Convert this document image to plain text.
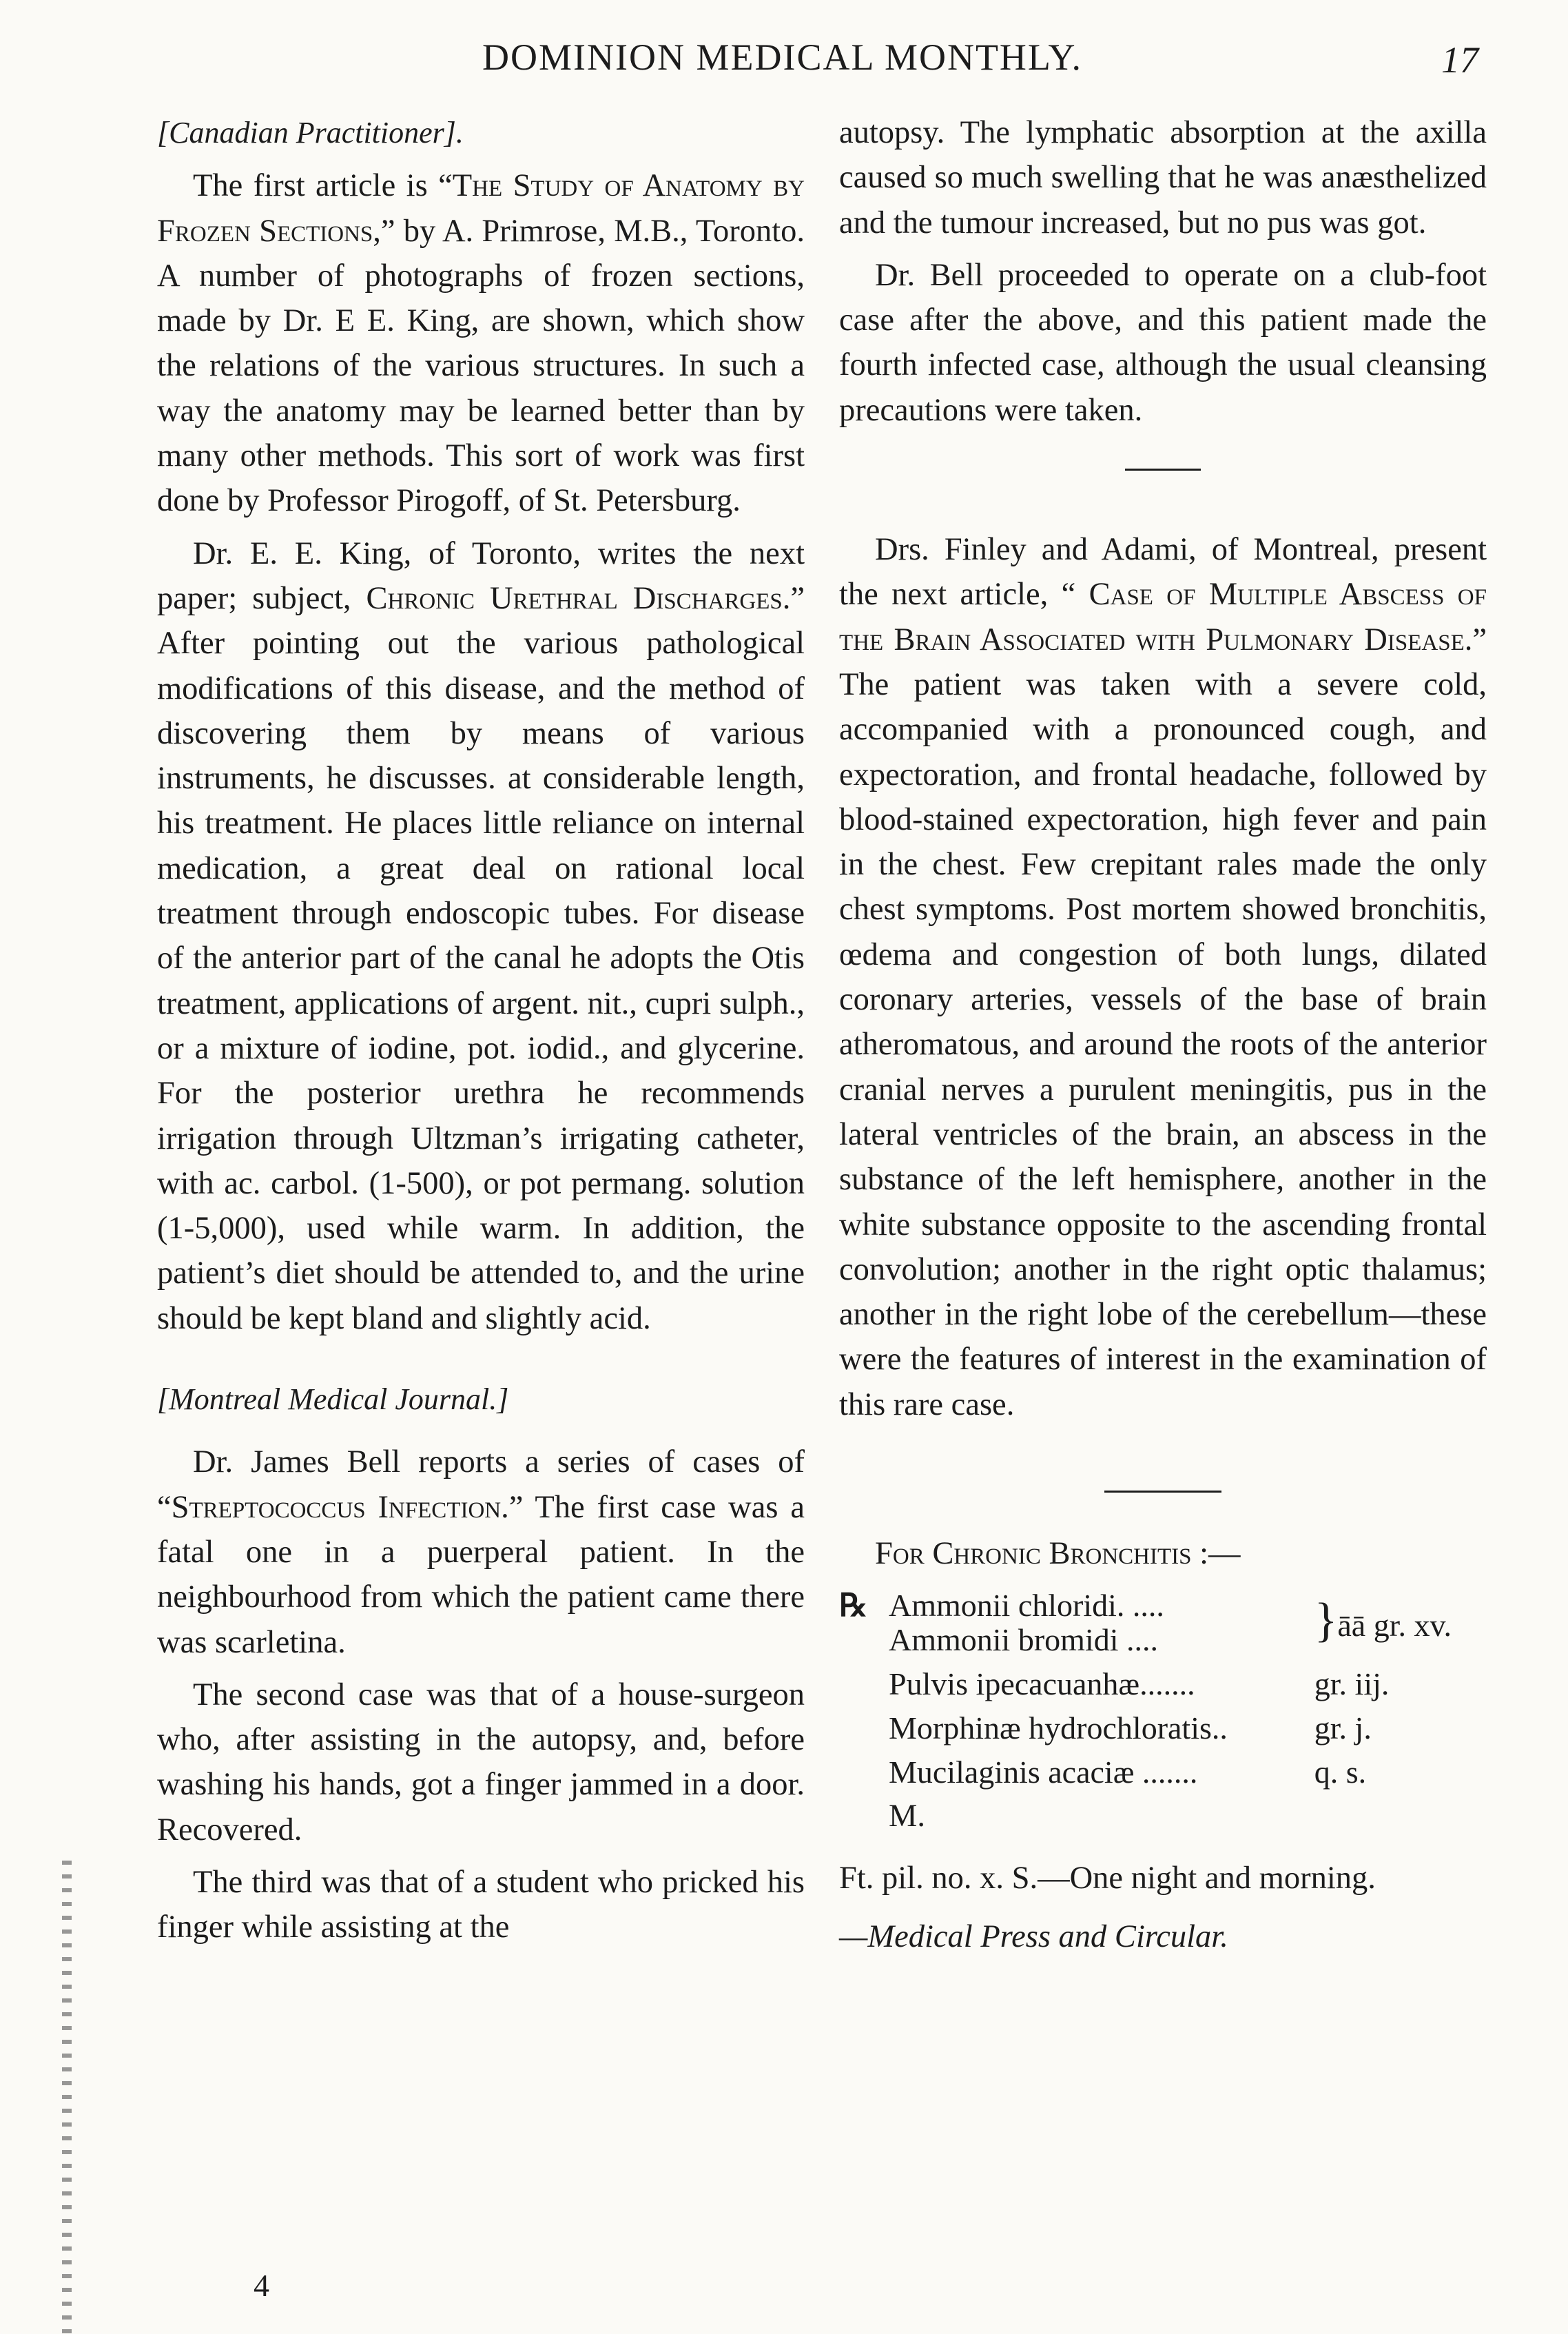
DOMINION MEDICAL MONTHLY.	17

[Canadian Practitioner].

The first article is “The Study of Anatomy by Frozen Sections,” by A. Primrose, M.B., Toronto. A number of photographs of frozen sections, made by Dr. E E. King, are shown, which show the relations of the various structures. In such a way the anatomy may be learned better than by many other methods. This sort of work was first done by Professor Pirogoff, of St. Petersburg.

Dr. E. E. King, of Toronto, writes the next paper; subject, Chronic Urethral Discharges.” After pointing out the various pathological modifications of this disease, and the method of discovering them by means of various instruments, he discusses. at considerable length, his treatment. He places little reliance on internal medication, a great deal on rational local treatment through endoscopic tubes. For disease of the anterior part of the canal he adopts the Otis treatment, applications of argent. nit., cupri sulph., or a mixture of iodine, pot. iodid., and glycerine. For the posterior urethra he recommends irrigation through Ultzman’s irrigating catheter, with ac. carbol. (1-500), or pot permang. solution (1-5,000), used while warm. In addition, the patient’s diet should be attended to, and the urine should be kept bland and slightly acid.

[Montreal Medical Journal.]

Dr. James Bell reports a series of cases of “Streptococcus Infection.” The first case was a fatal one in a puerperal patient. In the neighbourhood from which the patient came there was scarletina.

The second case was that of a house-surgeon who, after assisting in the autopsy, and, before washing his hands, got a finger jammed in a door. Recovered.

The third was that of a student who pricked his finger while assisting at the

4

autopsy. The lymphatic absorption at the axilla caused so much swelling that he was anæsthelized and the tumour increased, but no pus was got.

Dr. Bell proceeded to operate on a club-foot case after the above, and this patient made the fourth infected case, although the usual cleansing precautions were taken.

Drs. Finley and Adami, of Montreal, present the next article, “ Case of Multiple Abscess of the Brain Associated with Pulmonary Disease.” The patient was taken with a severe cold, accompanied with a pronounced cough, and expectoration, and frontal headache, followed by blood-stained expectoration, high fever and pain in the chest. Few crepitant rales made the only chest symptoms. Post mortem showed bronchitis, œdema and congestion of both lungs, dilated coronary arteries, vessels of the base of brain atheromatous, and around the roots of the anterior cranial nerves a purulent meningitis, pus in the lateral ventricles of the brain, an abscess in the substance of the left hemisphere, another in the white substance opposite to the ascending frontal convolution; another in the right optic thalamus; another in the right lobe of the cerebellum—these were the features of interest in the examination of this rare case.

For Chronic Bronchitis :—

℞	Ammonii chloridi. ....	}āā gr. xv.
	Ammonii bromidi ....	
	Pulvis ipecacuanhæ.......	gr. iij.
	Morphinæ hydrochloratis..	gr. j.
	Mucilaginis acaciæ .......	q. s.

M.

Ft. pil. no. x. S.—One night and morning.

—Medical Press and Circular.
